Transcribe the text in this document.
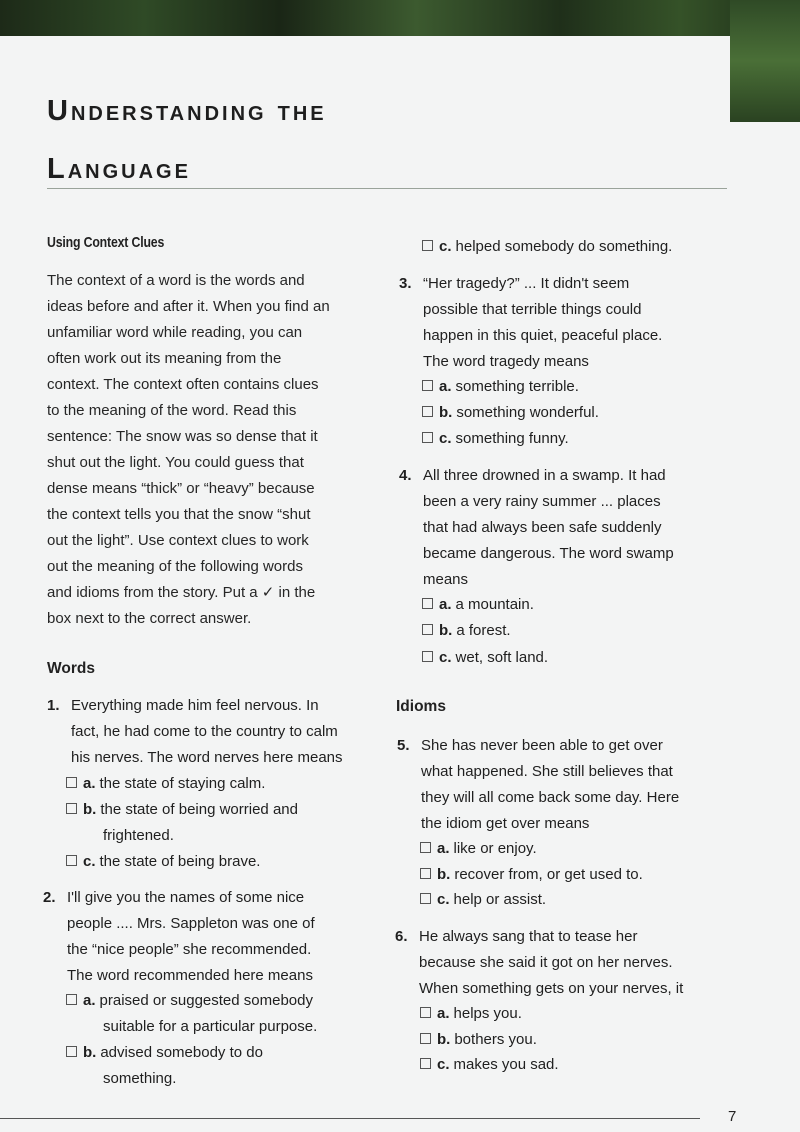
Understanding the
Language
Using Context Clues
The context of a word is the words and
ideas before and after it. When you find an
unfamiliar word while reading, you can
often work out its meaning from the
context. The context often contains clues
to the meaning of the word. Read this
sentence: The snow was so dense that it
shut out the light. You could guess that
dense means “thick” or “heavy” because
the context tells you that the snow “shut
out the light”. Use context clues to work
out the meaning of the following words
and idioms from the story. Put a ✓ in the
box next to the correct answer.
Words
1. Everything made him feel nervous. In
fact, he had come to the country to calm
his nerves. The word nerves here means
a. the state of staying calm.
b. the state of being worried and
frightened.
c. the state of being brave.
2. I'll give you the names of some nice
people .... Mrs. Sappleton was one of
the “nice people” she recommended.
The word recommended here means
a. praised or suggested somebody
suitable for a particular purpose.
b. advised somebody to do
something.
c. helped somebody do something.
3. “Her tragedy?” ... It didn't seem
possible that terrible things could
happen in this quiet, peaceful place.
The word tragedy means
a. something terrible.
b. something wonderful.
c. something funny.
4. All three drowned in a swamp. It had
been a very rainy summer ... places
that had always been safe suddenly
became dangerous. The word swamp
means
a. a mountain.
b. a forest.
c. wet, soft land.
Idioms
5. She has never been able to get over
what happened. She still believes that
they will all come back some day. Here
the idiom get over means
a. like or enjoy.
b. recover from, or get used to.
c. help or assist.
6. He always sang that to tease her
because she said it got on her nerves.
When something gets on your nerves, it
a. helps you.
b. bothers you.
c. makes you sad.
7
